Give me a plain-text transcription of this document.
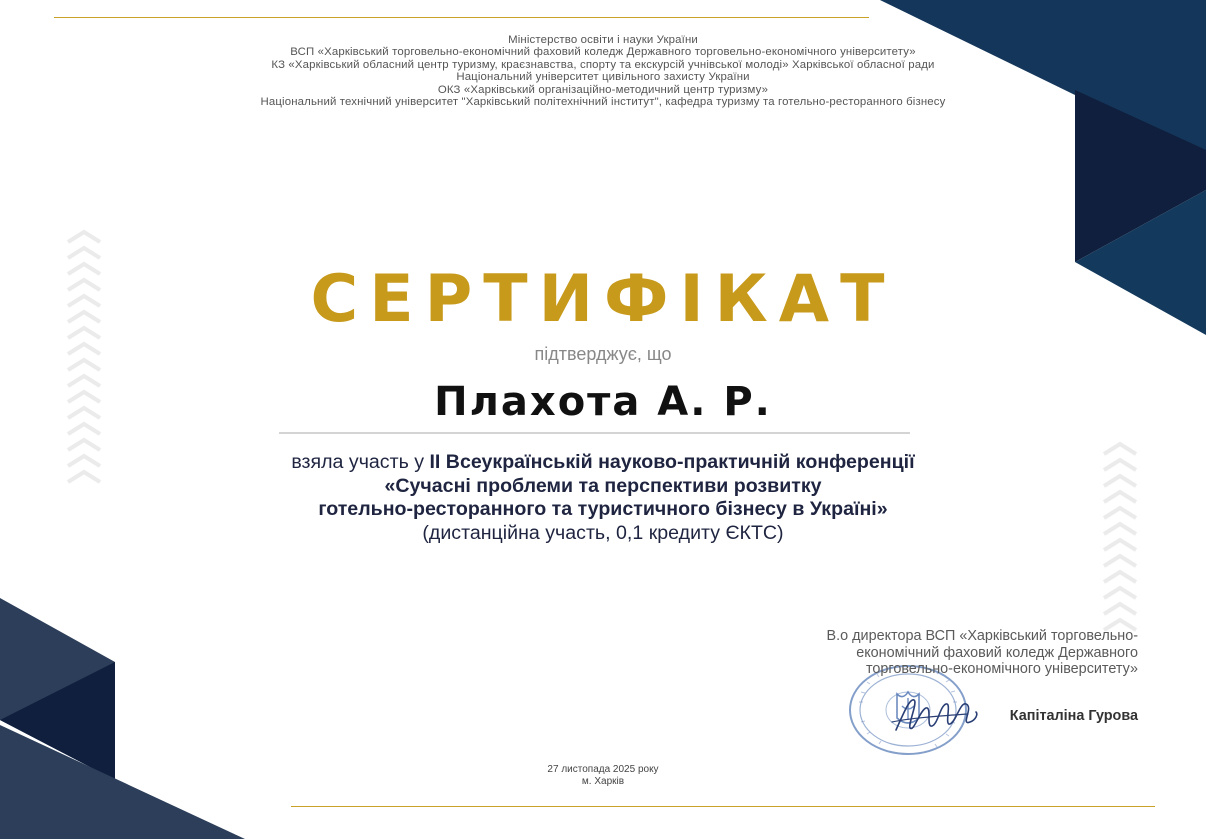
Міністерство освіти і науки України
ВСП «Харківський торговельно-економічний фаховий коледж Державного торговельно-економічного університету»
КЗ «Харківський обласний центр туризму, краєзнавства, спорту та екскурсій учнівської молоді» Харківської обласної ради
Національний університет цивільного захисту України
ОКЗ «Харківський організаційно-методичний центр туризму»
Національний технічний університет "Харківський політехнічний інститут", кафедра туризму та готельно-ресторанного бізнесу
СЕРТИФІКАТ
підтверджує, що
Плахота А. Р.
взяла участь у ІІ Всеукраїнській науково-практичній конференції
«Сучасні проблеми та перспективи розвитку
готельно-ресторанного та туристичного бізнесу в Україні»
(дистанційна участь, 0,1 кредиту ЄКТС)
В.о директора ВСП «Харківський торговельно-
економічний фаховий коледж Державного
торговельно-економічного університету»
Капіталіна Гурова
27 листопада 2025 року
м. Харків
